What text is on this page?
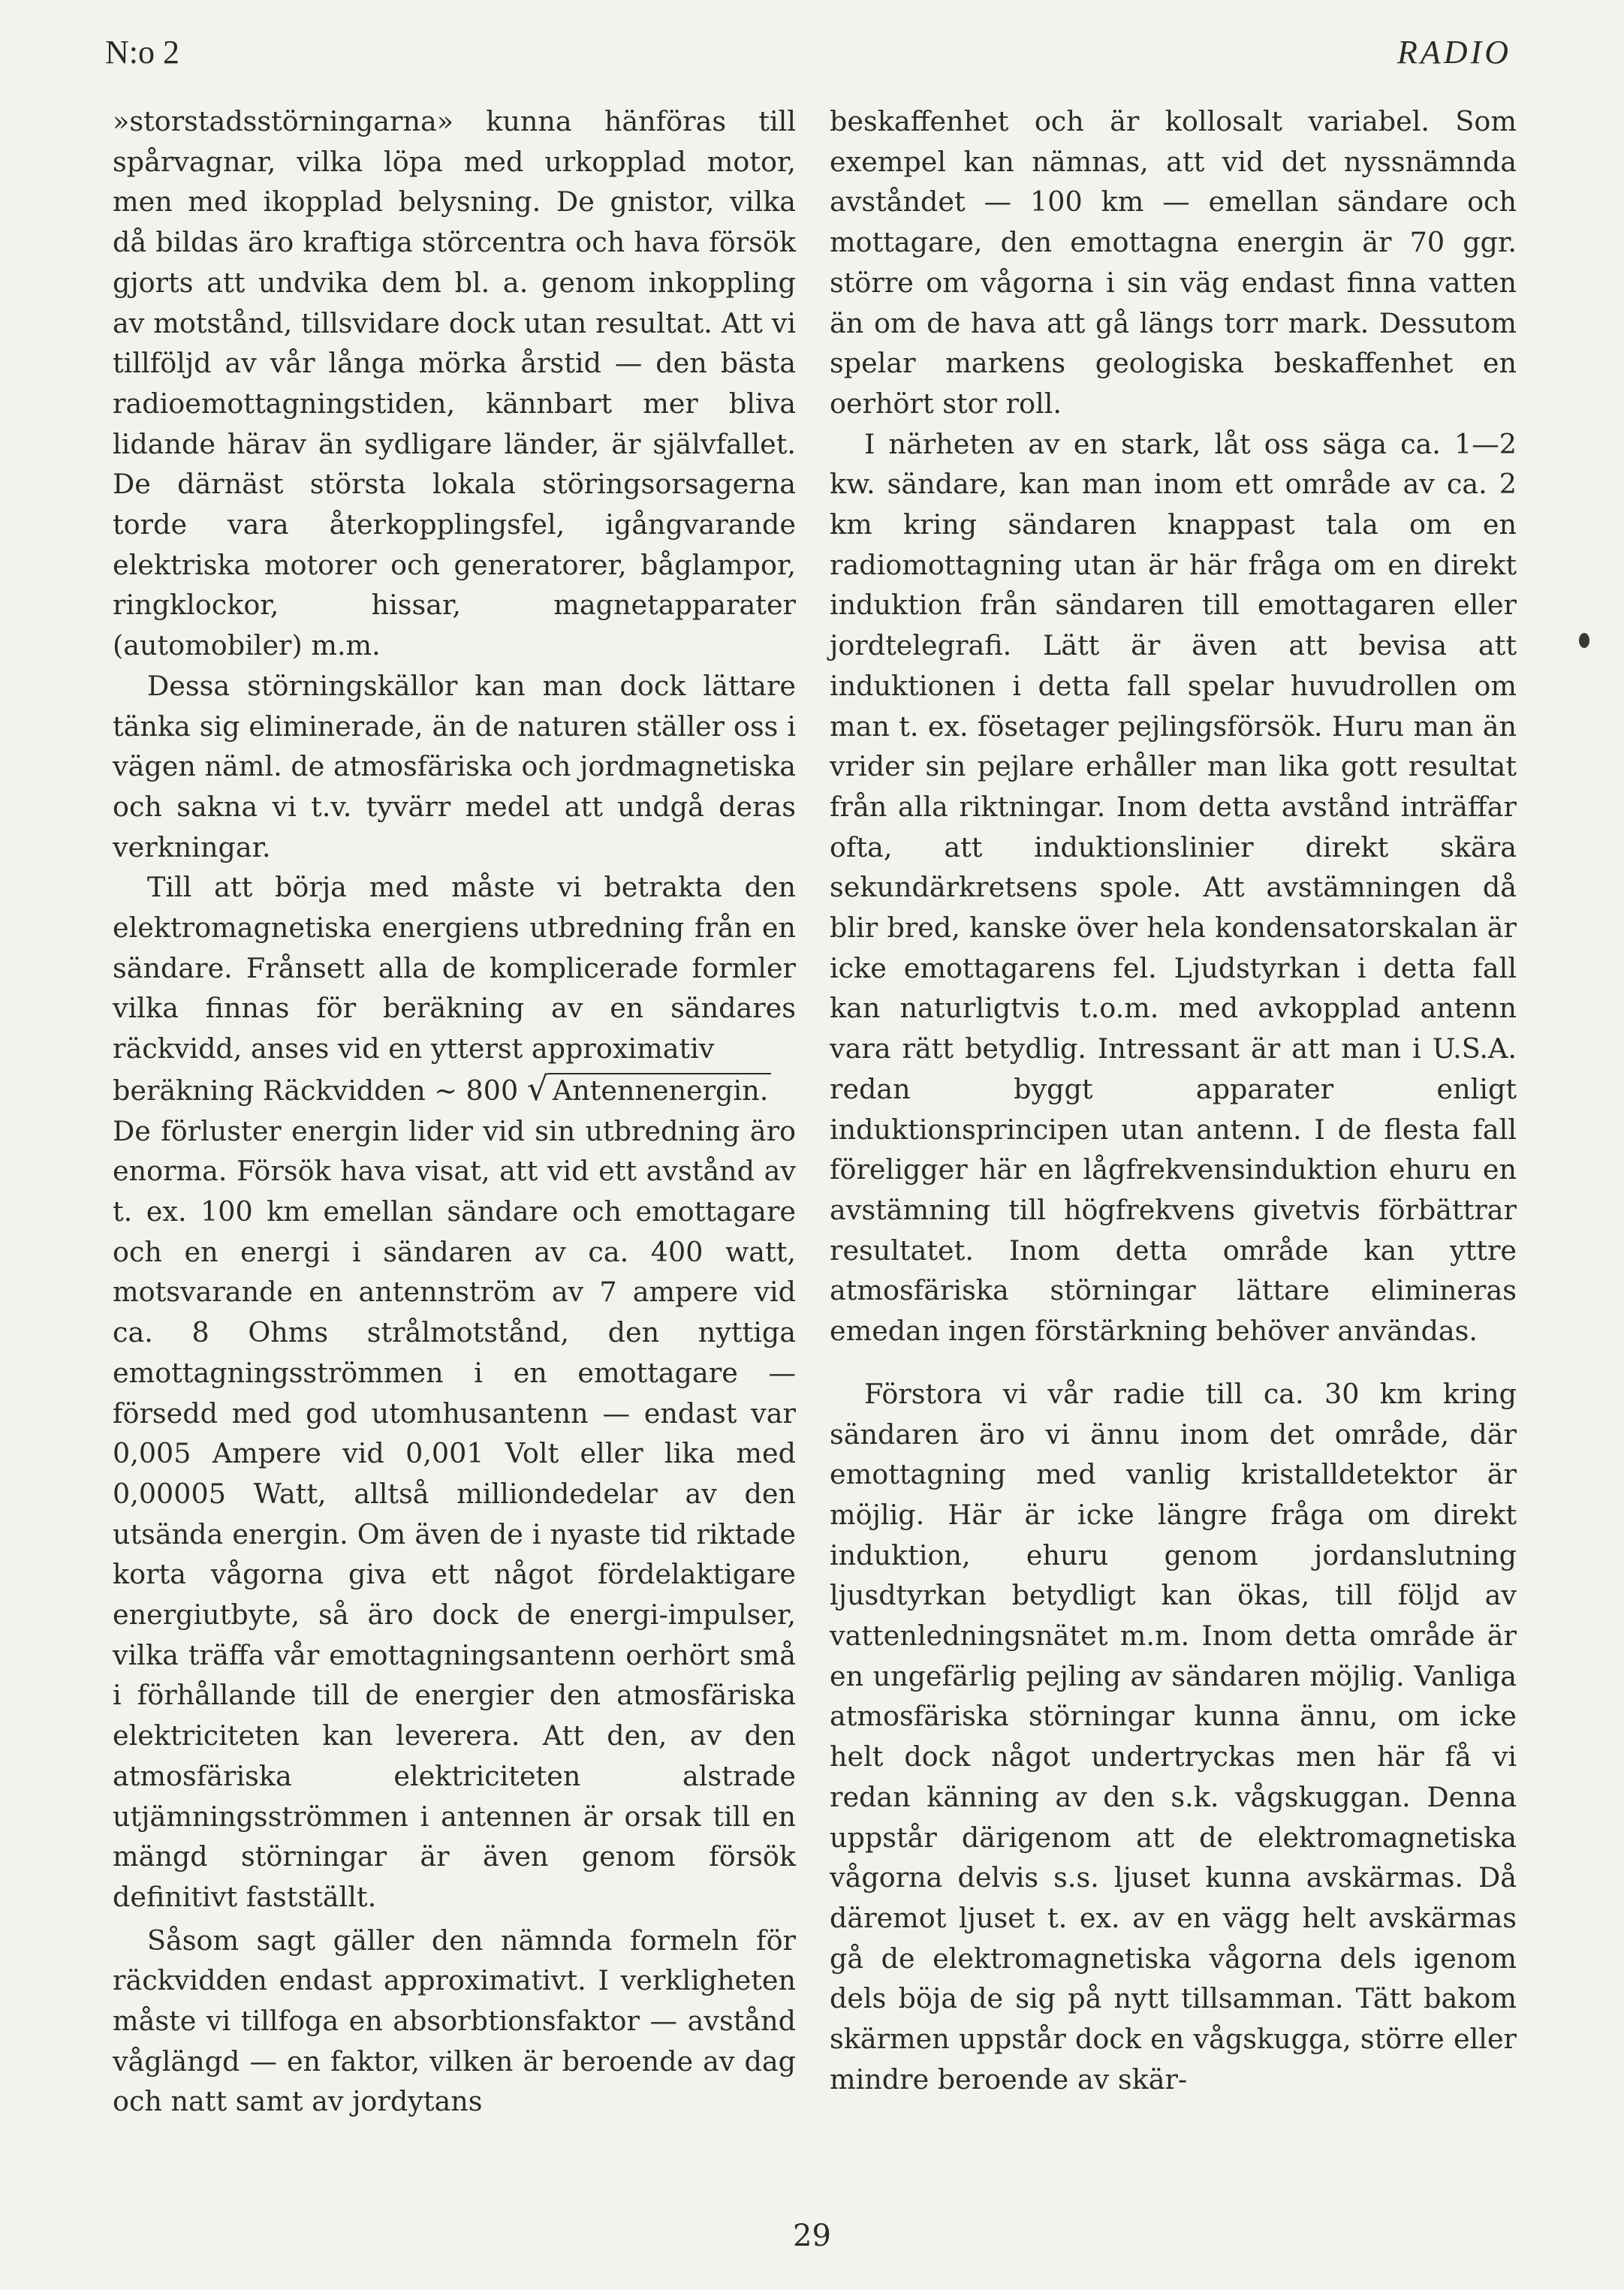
N:o 2	RADIO

»storstadsstörningarna» kunna hänföras till spårvagnar, vilka löpa med urkopplad motor, men med ikopplad belysning. De gnistor, vilka då bildas äro kraftiga störcentra och hava försök gjorts att undvika dem bl. a. genom inkoppling av motstånd, tillsvidare dock utan resultat. Att vi tillföljd av vår långa mörka årstid — den bästa radioemottagningstiden, kännbart mer bliva lidande härav än sydligare länder, är självfallet. De därnäst största lokala störingsorsagerna torde vara återkopplingsfel, igångvarande elektriska motorer och generatorer, båglampor, ringklockor, hissar, magnetapparater (automobiler) m.m.

Dessa störningskällor kan man dock lättare tänka sig eliminerade, än de naturen ställer oss i vägen näml. de atmosfäriska och jordmagnetiska och sakna vi t.v. tyvärr medel att undgå deras verkningar.

Till att börja med måste vi betrakta den elektromagnetiska energiens utbredning från en sändare. Frånsett alla de komplicerade formler vilka finnas för beräkning av en sändares räckvidd, anses vid en ytterst approximativ

beräkning Räckvidden ~ 800 √ Antennenergin.

De förluster energin lider vid sin utbredning äro enorma. Försök hava visat, att vid ett avstånd av t. ex. 100 km emellan sändare och emottagare och en energi i sändaren av ca. 400 watt, motsvarande en antennström av 7 ampere vid ca. 8 Ohms strålmotstånd, den nyttiga emottagningsströmmen i en emottagare — försedd med god utomhusantenn — endast var 0,005 Ampere vid 0,001 Volt eller lika med 0,00005 Watt, alltså milliondedelar av den utsända energin. Om även de i nyaste tid riktade korta vågorna giva ett något fördelaktigare energiutbyte, så äro dock de energi-impulser, vilka träffa vår emottagningsantenn oerhört små i förhållande till de energier den atmosfäriska elektriciteten kan leverera. Att den, av den atmosfäriska elektriciteten alstrade utjämningsströmmen i antennen är orsak till en mängd störningar är även genom försök definitivt fastställt.

Såsom sagt gäller den nämnda formeln för räckvidden endast approximativt. I verkligheten måste vi tillfoga en absorbtionsfaktor — avstånd våglängd — en faktor, vilken är beroende av dag och natt samt av jordytans

beskaffenhet och är kollosalt variabel. Som exempel kan nämnas, att vid det nyssnämnda avståndet — 100 km — emellan sändare och mottagare, den emottagna energin är 70 ggr. större om vågorna i sin väg endast finna vatten än om de hava att gå längs torr mark. Dessutom spelar markens geologiska beskaffenhet en oerhört stor roll.

I närheten av en stark, låt oss säga ca. 1—2 kw. sändare, kan man inom ett område av ca. 2 km kring sändaren knappast tala om en radiomottagning utan är här fråga om en direkt induktion från sändaren till emottagaren eller jordtelegrafi. Lätt är även att bevisa att induktionen i detta fall spelar huvudrollen om man t. ex. fösetager pejlingsförsök. Huru man än vrider sin pejlare erhåller man lika gott resultat från alla riktningar. Inom detta avstånd inträffar ofta, att induktionslinier direkt skära sekundärkretsens spole. Att avstämningen då blir bred, kanske över hela kondensatorskalan är icke emottagarens fel. Ljudstyrkan i detta fall kan naturligtvis t.o.m. med avkopplad antenn vara rätt betydlig. Intressant är att man i U.S.A. redan byggt apparater enligt induktionsprincipen utan antenn. I de flesta fall föreligger här en lågfrekvensinduktion ehuru en avstämning till högfrekvens givetvis förbättrar resultatet. Inom detta område kan yttre atmosfäriska störningar lättare elimineras emedan ingen förstärkning behöver användas.

Förstora vi vår radie till ca. 30 km kring sändaren äro vi ännu inom det område, där emottagning med vanlig kristalldetektor är möjlig. Här är icke längre fråga om direkt induktion, ehuru genom jordanslutning ljusdtyrkan betydligt kan ökas, till följd av vattenledningsnätet m.m. Inom detta område är en ungefärlig pejling av sändaren möjlig. Vanliga atmosfäriska störningar kunna ännu, om icke helt dock något undertryckas men här få vi redan känning av den s.k. vågskuggan. Denna uppstår därigenom att de elektromagnetiska vågorna delvis s.s. ljuset kunna avskärmas. Då däremot ljuset t. ex. av en vägg helt avskärmas gå de elektromagnetiska vågorna dels igenom dels böja de sig på nytt tillsamman. Tätt bakom skärmen uppstår dock en vågskugga, större eller mindre beroende av skär-

29
